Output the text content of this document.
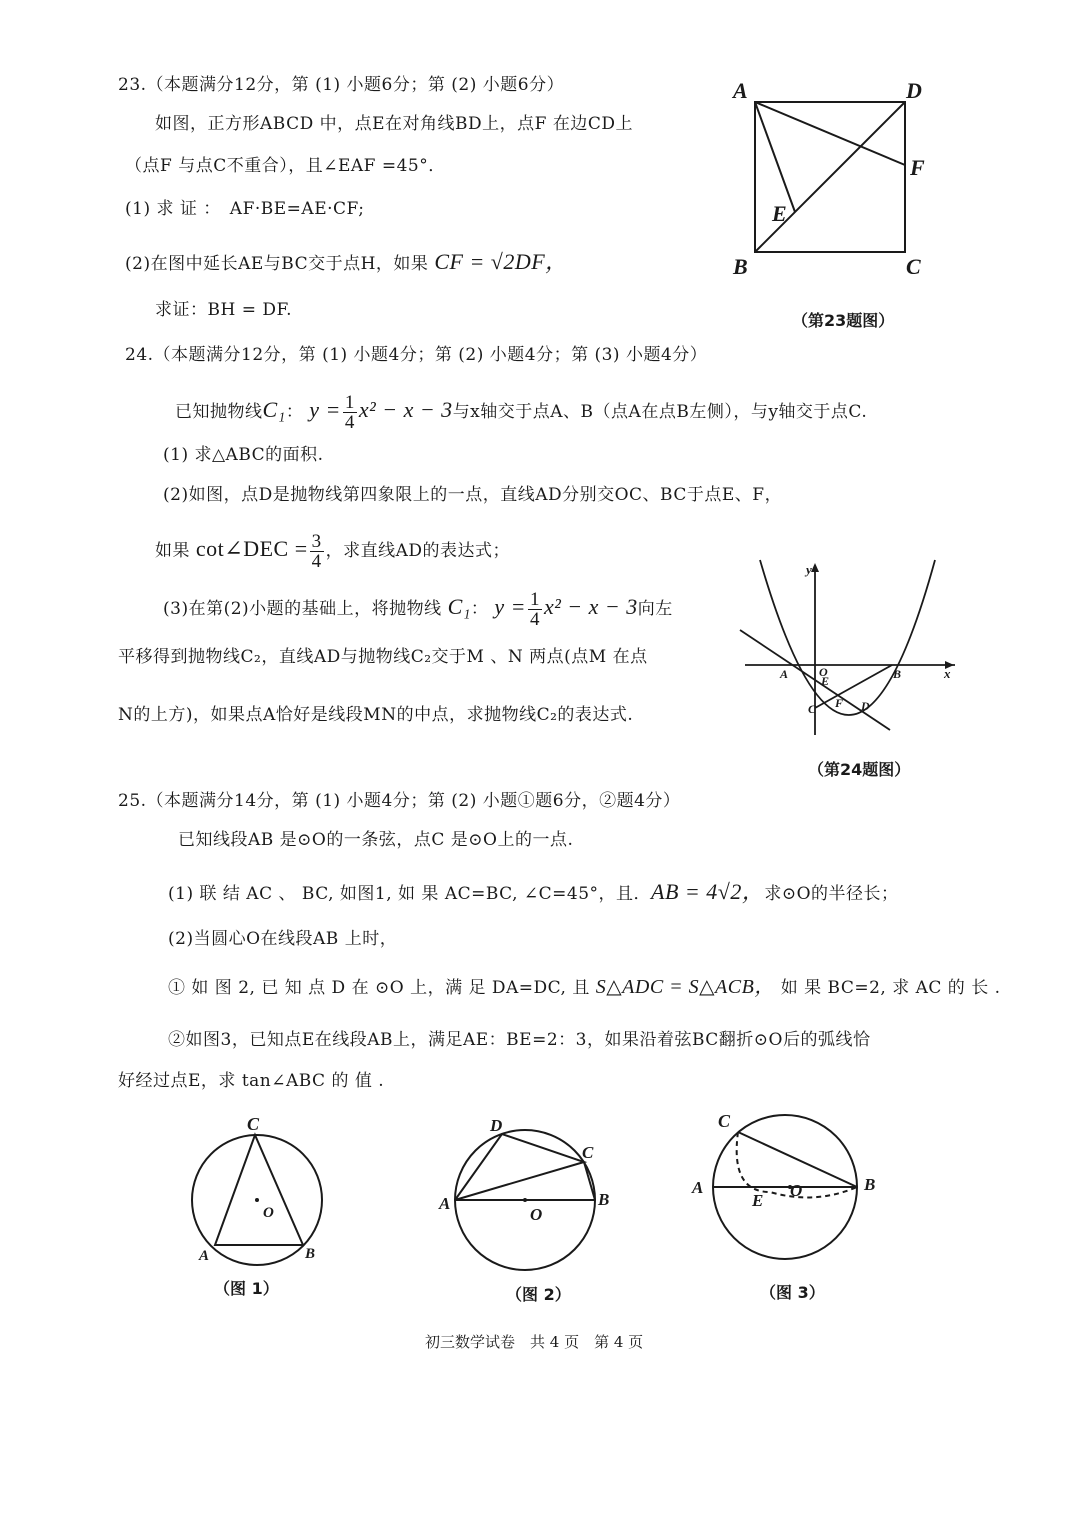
23.（本题满分12分，第 (1) 小题6分；第 (2) 小题6分）
如图，正方形ABCD 中，点E在对角线BD上，点F 在边CD上
（点F 与点C不重合），且∠EAF =45°．
(1) 求 证 ：　AF·BE=AE·CF;
(2)在图中延长AE与BC交于点H，如果 CF = √2DF，
求证：BH = DF.
A	D
F
E
B	C
（第23题图）
24.（本题满分12分，第 (1) 小题4分；第 (2) 小题4分；第 (3) 小题4分）
已知抛物线C₁： $y = \frac{1}{4} x^2 - x - 3$与x轴交于点A、B（点A在点B左侧），与y轴交于点C.
(1) 求△ABC的面积.
(2)如图，点D是抛物线第四象限上的一点，直线AD分别交OC、BC于点E、F，
如果 cot∠DEC = $\frac{3}{4}$ ，求直线AD的表达式；
(3)在第(2)小题的基础上，将抛物线 C₁： $y = \frac{1}{4} x^2 - x - 3$向左
平移得到抛物线C₂，直线AD与抛物线C₂交于M 、N 两点(点M 在点
N的上方)，如果点A恰好是线段MN的中点，求抛物线C₂的表达式.
y
x
O
A	B
C
E
F D
（第24题图）
25.（本题满分14分，第 (1) 小题4分；第 (2) 小题①题6分，②题4分）
已知线段AB 是⊙O的一条弦，点C 是⊙O上的一点.
(1) 联 结 AC 、 BC, 如图1, 如 果 AC=BC, ∠C=45°，且．AB = 4√2，求⊙O的半径长；
(2)当圆心O在线段AB 上时，
① 如 图 2, 已 知 点 D 在 ⊙O 上，满 足 DA=DC, 且 S△ADC = S△ACB， 如 果 BC=2, 求 AC 的 长 .
②如图3，已知点E在线段AB上，满足AE：BE=2：3，如果沿着弦BC翻折⊙O后的弧线恰
好经过点E，求 tan∠ABC 的 值 .
C
O
A	B
（图 1）
D
C
A	B
O
（图 2）
C
A
E
O	B
（图 3）
初三数学试卷　共 4 页　第 4 页
